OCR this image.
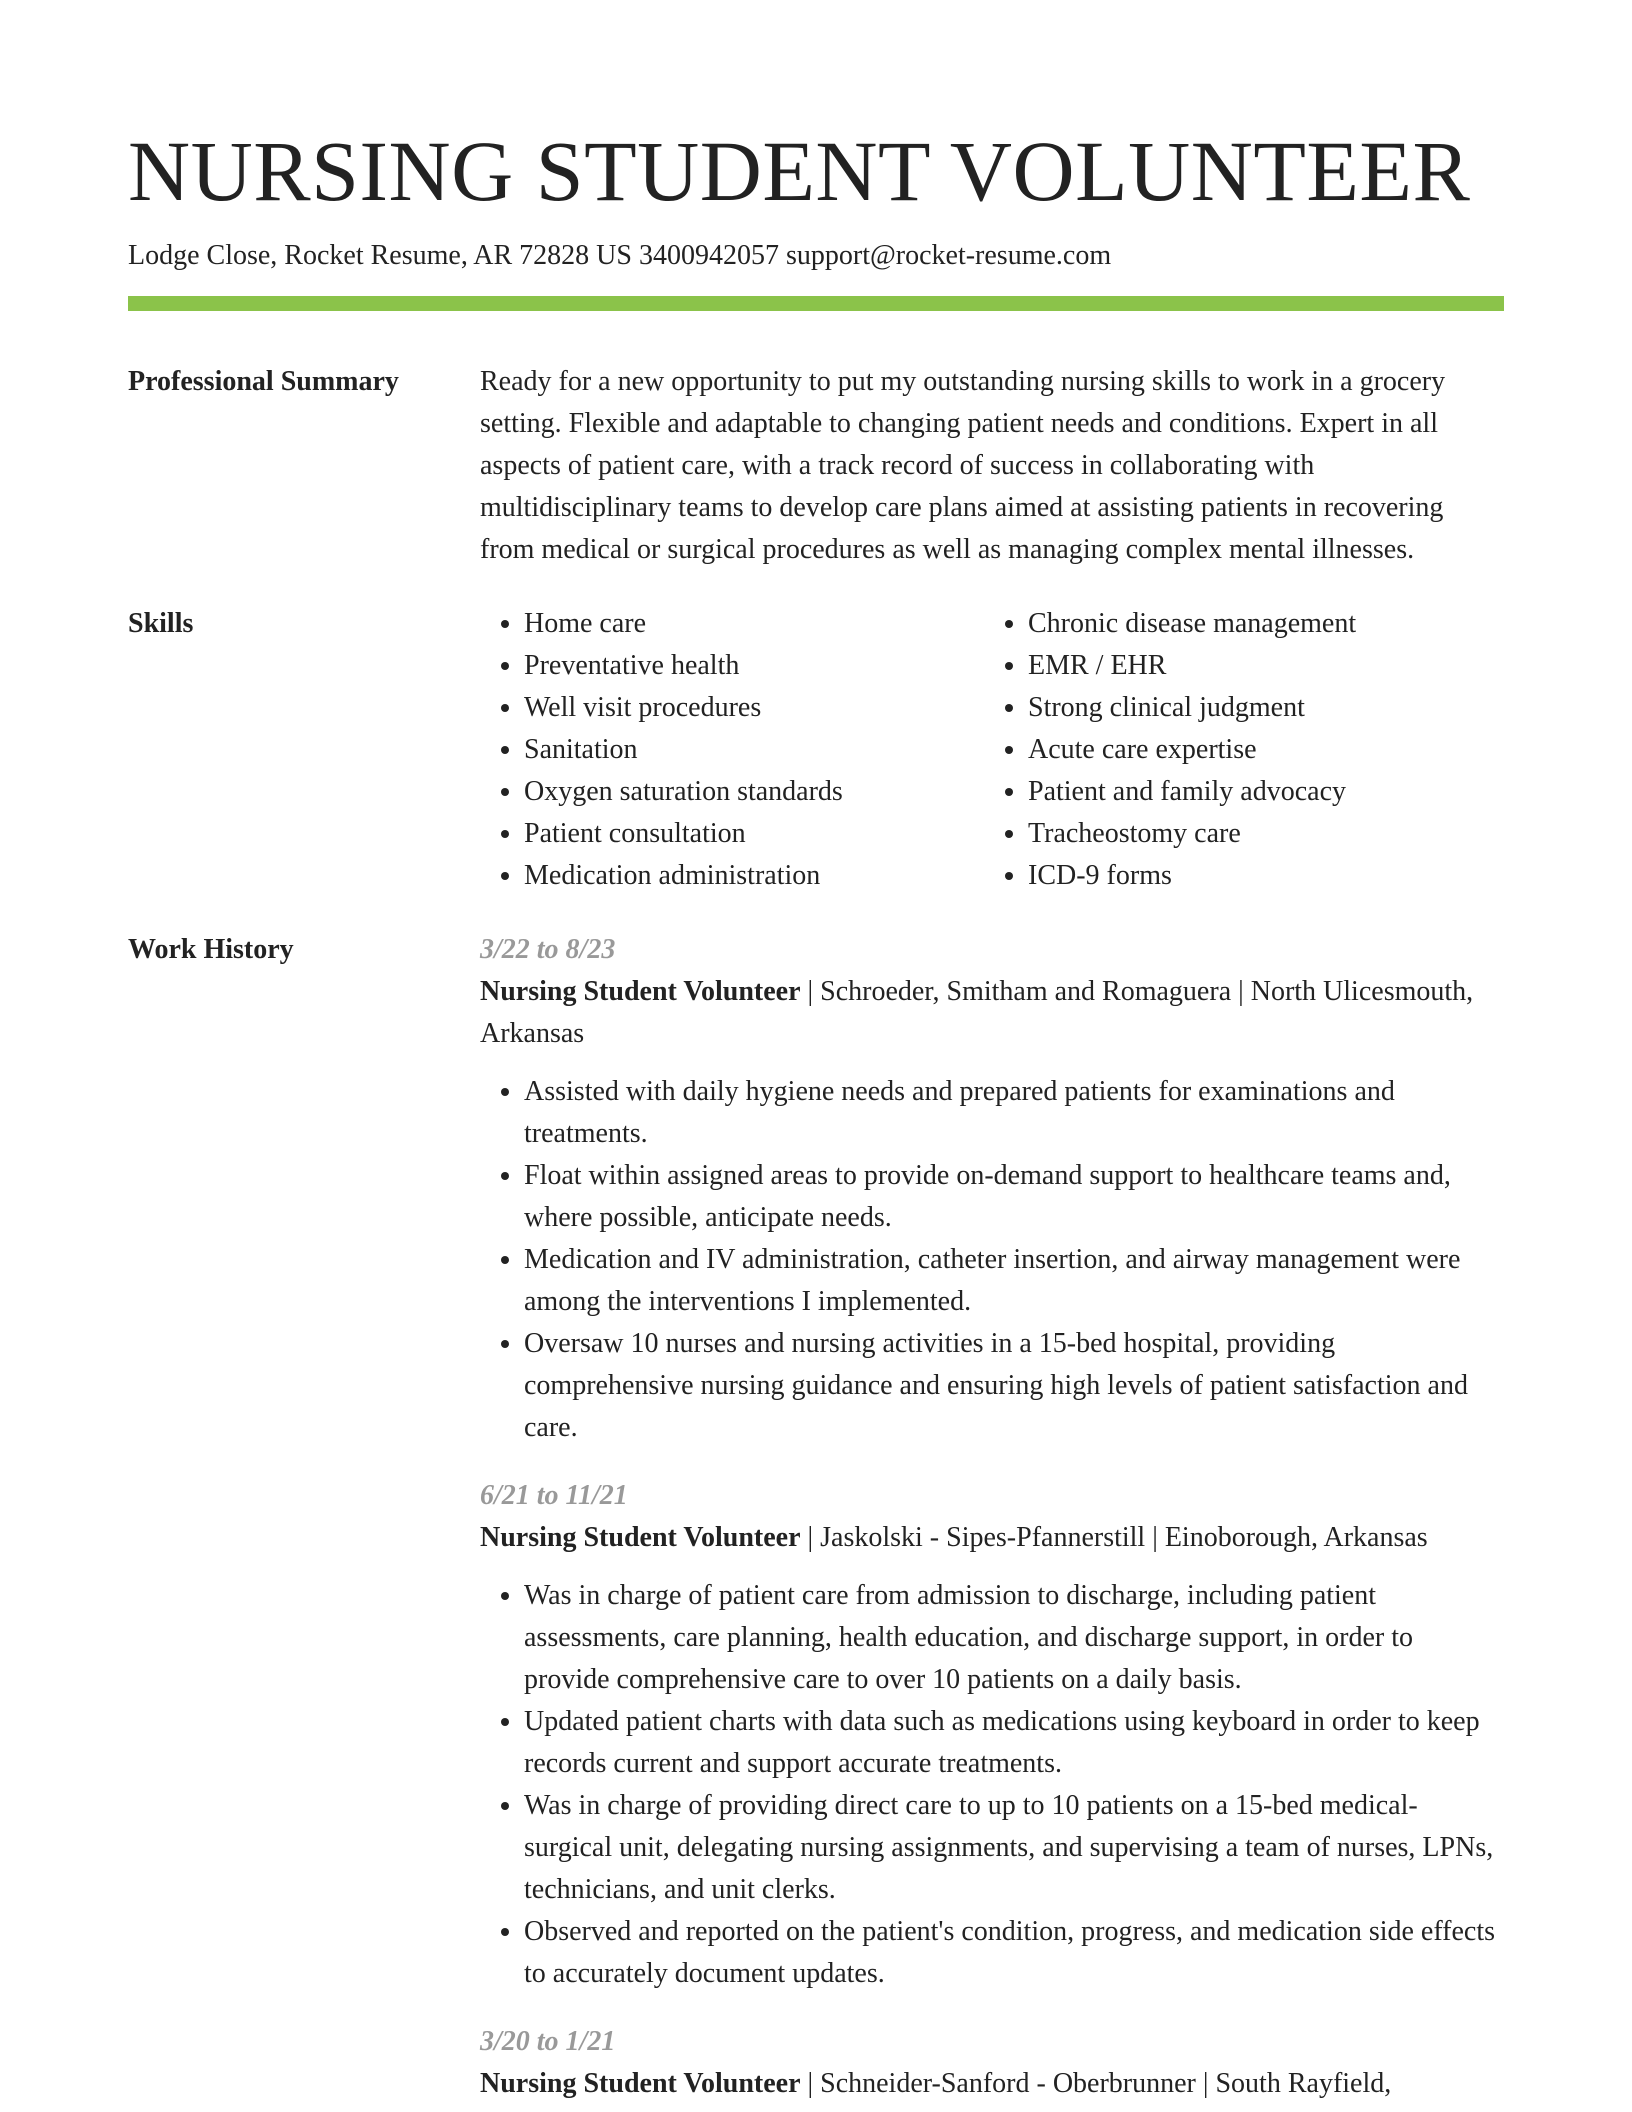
NURSING STUDENT VOLUNTEER
Lodge Close, Rocket Resume, AR 72828 US 3400942057 support@rocket-resume.com
Professional Summary	Ready for a new opportunity to put my outstanding nursing skills to work in a grocery setting. Flexible and adaptable to changing patient needs and conditions. Expert in all aspects of patient care, with a track record of success in collaborating with multidisciplinary teams to develop care plans aimed at assisting patients in recovering from medical or surgical procedures as well as managing complex mental illnesses.

Skills
•	Home care
• Preventative health
• Well visit procedures
• Sanitation
• Oxygen saturation standards
• Patient consultation
• Medication administration
• Chronic disease management
• EMR / EHR
• Strong clinical judgment
• Acute care expertise
• Patient and family advocacy
• Tracheostomy care
• ICD-9 forms
Work History	3/22 to 8/23
Nursing Student Volunteer | Schroeder, Smitham and Romaguera | North Ulicesmouth, Arkansas
• Assisted with daily hygiene needs and prepared patients for examinations and treatments.
• Float within assigned areas to provide on-demand support to healthcare teams and, where possible, anticipate needs.
• Medication and IV administration, catheter insertion, and airway management were among the interventions I implemented.
• Oversaw 10 nurses and nursing activities in a 15-bed hospital, providing comprehensive nursing guidance and ensuring high levels of patient satisfaction and care.
6/21 to 11/21
Nursing Student Volunteer | Jaskolski - Sipes-Pfannerstill | Einoborough, Arkansas
• Was in charge of patient care from admission to discharge, including patient assessments, care planning, health education, and discharge support, in order to provide comprehensive care to over 10 patients on a daily basis.
• Updated patient charts with data such as medications using keyboard in order to keep records current and support accurate treatments.
• Was in charge of providing direct care to up to 10 patients on a 15-bed medical-surgical unit, delegating nursing assignments, and supervising a team of nurses, LPNs, technicians, and unit clerks.
• Observed and reported on the patient's condition, progress, and medication side effects to accurately document updates.
3/20 to 1/21
Nursing Student Volunteer | Schneider-Sanford - Oberbrunner | South Rayfield,
